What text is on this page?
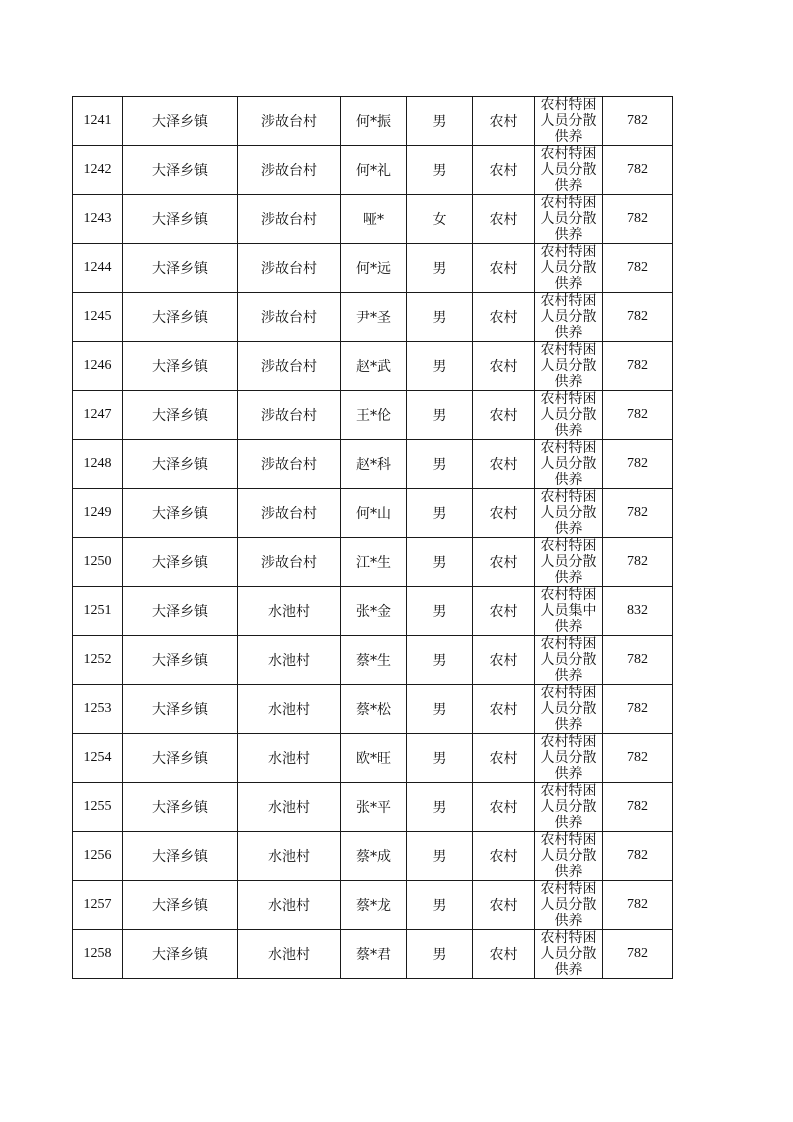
1241	大泽乡镇	涉故台村	何*振	男	农村	农村特困人员分散供养	782
1242	大泽乡镇	涉故台村	何*礼	男	农村	农村特困人员分散供养	782
1243	大泽乡镇	涉故台村	哑*	女	农村	农村特困人员分散供养	782
1244	大泽乡镇	涉故台村	何*远	男	农村	农村特困人员分散供养	782
1245	大泽乡镇	涉故台村	尹*圣	男	农村	农村特困人员分散供养	782
1246	大泽乡镇	涉故台村	赵*武	男	农村	农村特困人员分散供养	782
1247	大泽乡镇	涉故台村	王*伦	男	农村	农村特困人员分散供养	782
1248	大泽乡镇	涉故台村	赵*科	男	农村	农村特困人员分散供养	782
1249	大泽乡镇	涉故台村	何*山	男	农村	农村特困人员分散供养	782
1250	大泽乡镇	涉故台村	江*生	男	农村	农村特困人员分散供养	782
1251	大泽乡镇	水池村	张*金	男	农村	农村特困人员集中供养	832
1252	大泽乡镇	水池村	蔡*生	男	农村	农村特困人员分散供养	782
1253	大泽乡镇	水池村	蔡*松	男	农村	农村特困人员分散供养	782
1254	大泽乡镇	水池村	欧*旺	男	农村	农村特困人员分散供养	782
1255	大泽乡镇	水池村	张*平	男	农村	农村特困人员分散供养	782
1256	大泽乡镇	水池村	蔡*成	男	农村	农村特困人员分散供养	782
1257	大泽乡镇	水池村	蔡*龙	男	农村	农村特困人员分散供养	782
1258	大泽乡镇	水池村	蔡*君	男	农村	农村特困人员分散供养	782
